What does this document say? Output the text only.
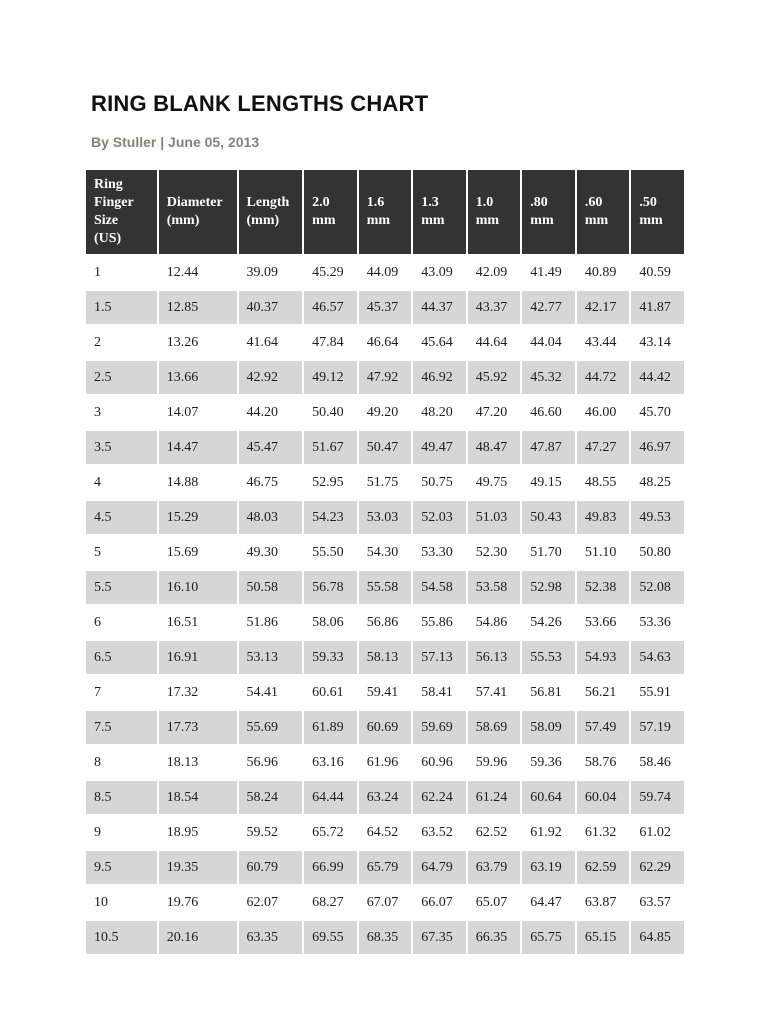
RING BLANK LENGTHS CHART
By Stuller | June 05, 2013
Ring Finger Size (US)	Diameter (mm)	Length (mm)	2.0 mm	1.6 mm	1.3 mm	1.0 mm	.80 mm	.60 mm	.50 mm
1	12.44	39.09	45.29	44.09	43.09	42.09	41.49	40.89	40.59
1.5	12.85	40.37	46.57	45.37	44.37	43.37	42.77	42.17	41.87
2	13.26	41.64	47.84	46.64	45.64	44.64	44.04	43.44	43.14
2.5	13.66	42.92	49.12	47.92	46.92	45.92	45.32	44.72	44.42
3	14.07	44.20	50.40	49.20	48.20	47.20	46.60	46.00	45.70
3.5	14.47	45.47	51.67	50.47	49.47	48.47	47.87	47.27	46.97
4	14.88	46.75	52.95	51.75	50.75	49.75	49.15	48.55	48.25
4.5	15.29	48.03	54.23	53.03	52.03	51.03	50.43	49.83	49.53
5	15.69	49.30	55.50	54.30	53.30	52.30	51.70	51.10	50.80
5.5	16.10	50.58	56.78	55.58	54.58	53.58	52.98	52.38	52.08
6	16.51	51.86	58.06	56.86	55.86	54.86	54.26	53.66	53.36
6.5	16.91	53.13	59.33	58.13	57.13	56.13	55.53	54.93	54.63
7	17.32	54.41	60.61	59.41	58.41	57.41	56.81	56.21	55.91
7.5	17.73	55.69	61.89	60.69	59.69	58.69	58.09	57.49	57.19
8	18.13	56.96	63.16	61.96	60.96	59.96	59.36	58.76	58.46
8.5	18.54	58.24	64.44	63.24	62.24	61.24	60.64	60.04	59.74
9	18.95	59.52	65.72	64.52	63.52	62.52	61.92	61.32	61.02
9.5	19.35	60.79	66.99	65.79	64.79	63.79	63.19	62.59	62.29
10	19.76	62.07	68.27	67.07	66.07	65.07	64.47	63.87	63.57
10.5	20.16	63.35	69.55	68.35	67.35	66.35	65.75	65.15	64.85
